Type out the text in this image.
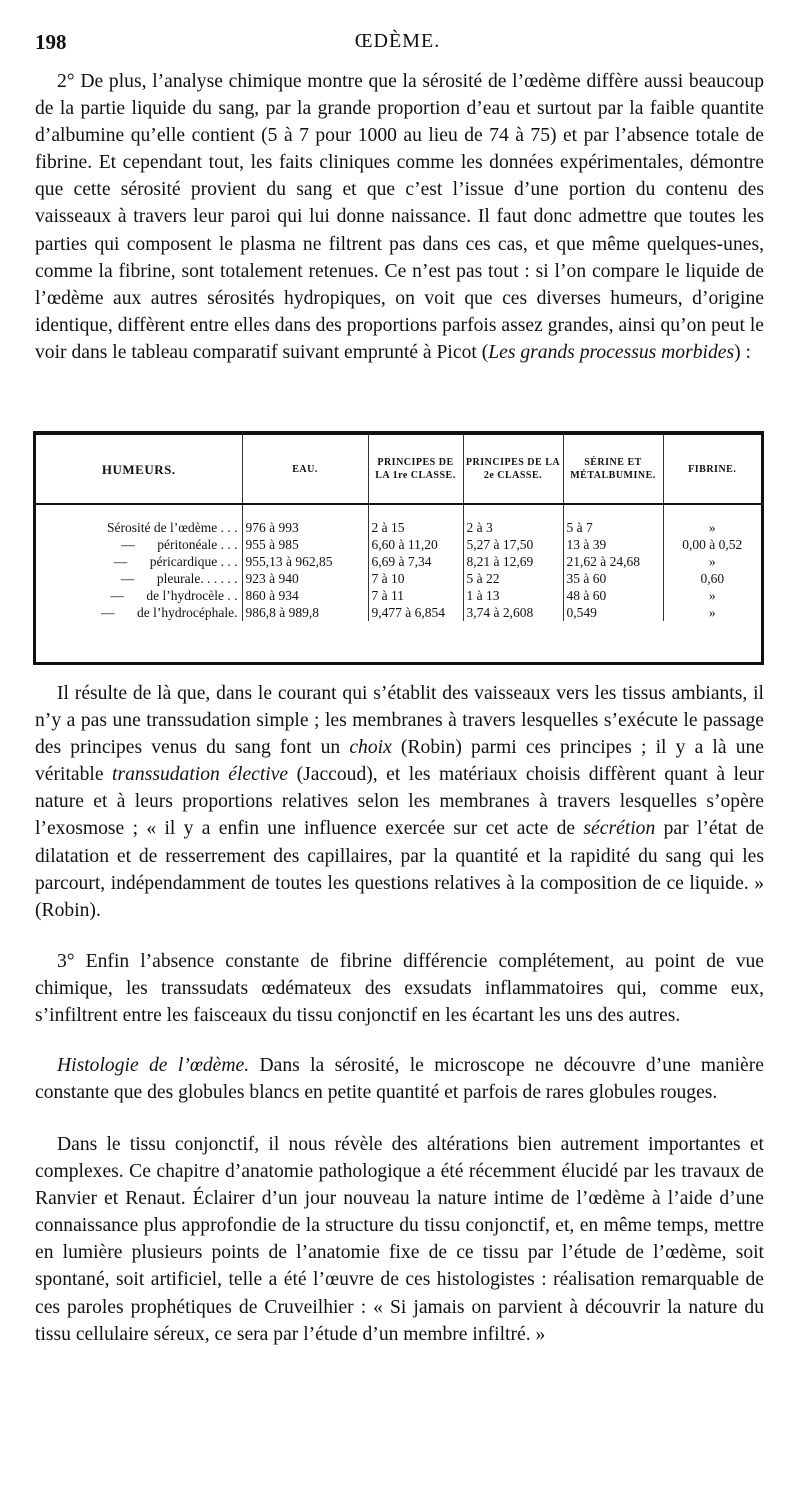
198	ŒDÈME.

2° De plus, l’analyse chimique montre que la sérosité de l’œdème diffère aussi beaucoup de la partie liquide du sang, par la grande proportion d’eau et surtout par la faible quantite d’albumine qu’elle contient (5 à 7 pour 1000 au lieu de 74 à 75) et par l’absence totale de fibrine. Et cependant tout, les faits cliniques comme les données expérimentales, démontre que cette sérosité provient du sang et que c’est l’issue d’une portion du contenu des vaisseaux à travers leur paroi qui lui donne naissance. Il faut donc admettre que toutes les parties qui composent le plasma ne filtrent pas dans ces cas, et que même quelques-unes, comme la fibrine, sont totalement retenues. Ce n’est pas tout : si l’on compare le liquide de l’œdème aux autres sérosités hydropiques, on voit que ces diverses humeurs, d’origine identique, diffèrent entre elles dans des proportions parfois assez grandes, ainsi qu’on peut le voir dans le tableau comparatif suivant emprunté à Picot (Les grands processus morbides) :

HUMEURS.	EAU.	PRINCIPES DE LA 1re CLASSE.	PRINCIPES DE LA 2e CLASSE.	SÉRINE ET MÉTALBUMINE.	FIBRINE.

Sérosité de l’œdème . . .	976 à 993	2 à 15	2 à 3	5 à 7	»
— péritonéale . . .	955 à 985	6,60 à 11,20	5,27 à 17,50	13 à 39	0,00 à 0,52
— péricardique . . .	955,13 à 962,85	6,69 à 7,34	8,21 à 12,69	21,62 à 24,68	»
— pleurale. . . . . .	923 à 940	7 à 10	5 à 22	35 à 60	0,60
— de l’hydrocèle . .	860 à 934	7 à 11	1 à 13	48 à 60	»
— de l’hydrocéphale.	986,8 à 989,8	9,477 à 6,854	3,74 à 2,608	0,549	»

Il résulte de là que, dans le courant qui s’établit des vaisseaux vers les tissus ambiants, il n’y a pas une transsudation simple ; les membranes à travers lesquelles s’exécute le passage des principes venus du sang font un choix (Robin) parmi ces principes ; il y a là une véritable transsudation élective (Jaccoud), et les matériaux choisis diffèrent quant à leur nature et à leurs proportions relatives selon les membranes à travers lesquelles s’opère l’exosmose ; « il y a enfin une influence exercée sur cet acte de sécrétion par l’état de dilatation et de resserrement des capillaires, par la quantité et la rapidité du sang qui les parcourt, indépendamment de toutes les questions relatives à la composition de ce liquide. » (Robin).

3° Enfin l’absence constante de fibrine différencie complétement, au point de vue chimique, les transsudats œdémateux des exsudats inflammatoires qui, comme eux, s’infiltrent entre les faisceaux du tissu conjonctif en les écartant les uns des autres.

Histologie de l’œdème. Dans la sérosité, le microscope ne découvre d’une manière constante que des globules blancs en petite quantité et parfois de rares globules rouges.

Dans le tissu conjonctif, il nous révèle des altérations bien autrement importantes et complexes. Ce chapitre d’anatomie pathologique a été récemment élucidé par les travaux de Ranvier et Renaut. Éclairer d’un jour nouveau la nature intime de l’œdème à l’aide d’une connaissance plus approfondie de la structure du tissu conjonctif, et, en même temps, mettre en lumière plusieurs points de l’anatomie fixe de ce tissu par l’étude de l’œdème, soit spontané, soit artificiel, telle a été l’œuvre de ces histologistes : réalisation remarquable de ces paroles prophétiques de Cruveilhier : « Si jamais on parvient à découvrir la nature du tissu cellulaire séreux, ce sera par l’étude d’un membre infiltré. »
